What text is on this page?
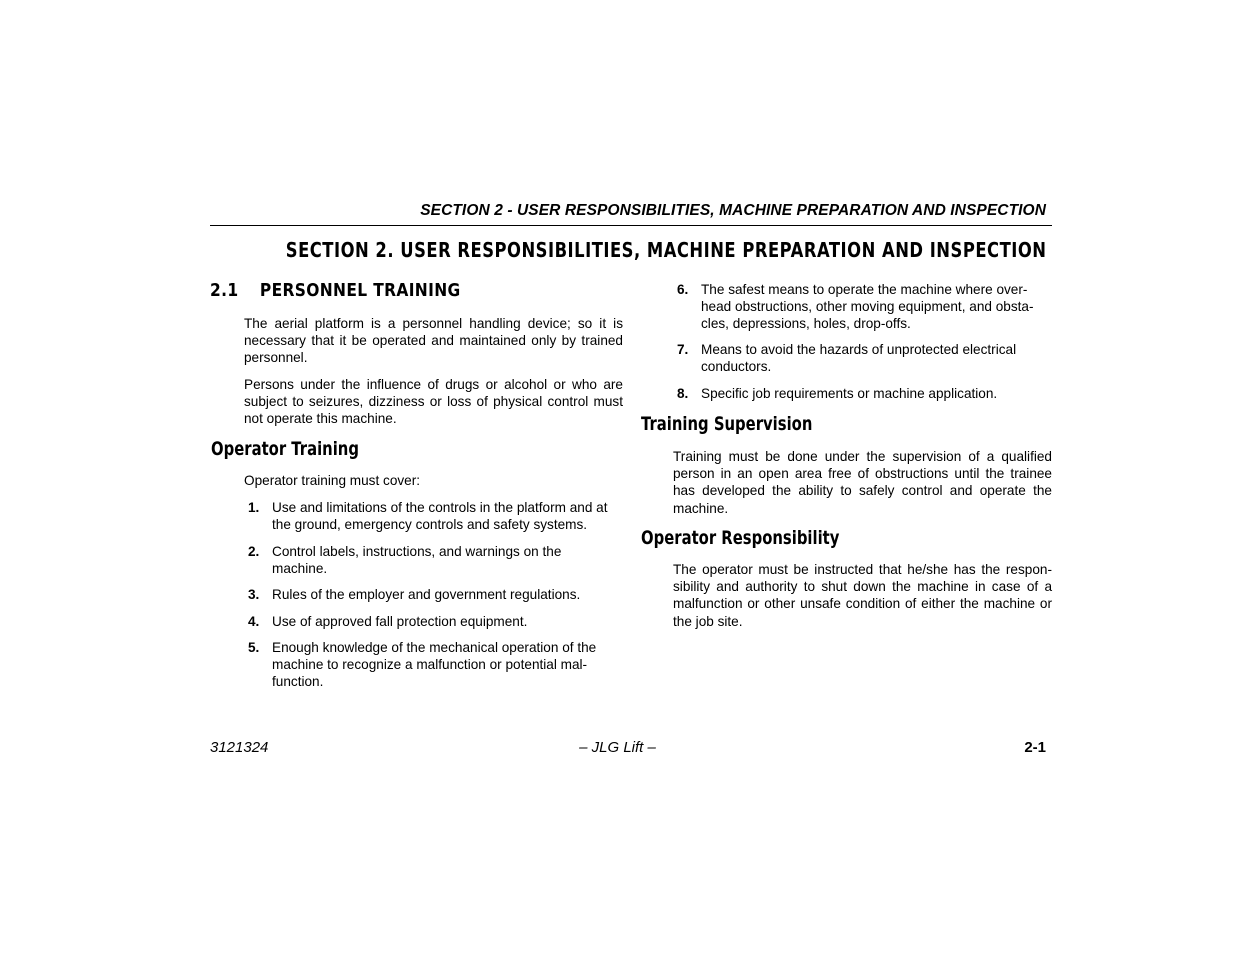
SECTION 2 - USER RESPONSIBILITIES, MACHINE PREPARATION AND INSPECTION
SECTION 2. USER RESPONSIBILITIES, MACHINE PREPARATION AND INSPECTION
2.1 PERSONNEL TRAINING
The aerial platform is a personnel handling device; so it is necessary that it be operated and maintained only by trained personnel.
Persons under the influence of drugs or alcohol or who are subject to seizures, dizziness or loss of physical control must not operate this machine.
Operator Training
Operator training must cover:
1. Use and limitations of the controls in the platform and at the ground, emergency controls and safety systems.
2. Control labels, instructions, and warnings on the machine.
3. Rules of the employer and government regulations.
4. Use of approved fall protection equipment.
5. Enough knowledge of the mechanical operation of the machine to recognize a malfunction or potential mal-function.
6. The safest means to operate the machine where over-head obstructions, other moving equipment, and obsta-cles, depressions, holes, drop-offs.
7. Means to avoid the hazards of unprotected electrical conductors.
8. Specific job requirements or machine application.
Training Supervision
Training must be done under the supervision of a qualified person in an open area free of obstructions until the trainee has developed the ability to safely control and operate the machine.
Operator Responsibility
The operator must be instructed that he/she has the respon-sibility and authority to shut down the machine in case of a malfunction or other unsafe condition of either the machine or the job site.
3121324	– JLG Lift –	2-1
